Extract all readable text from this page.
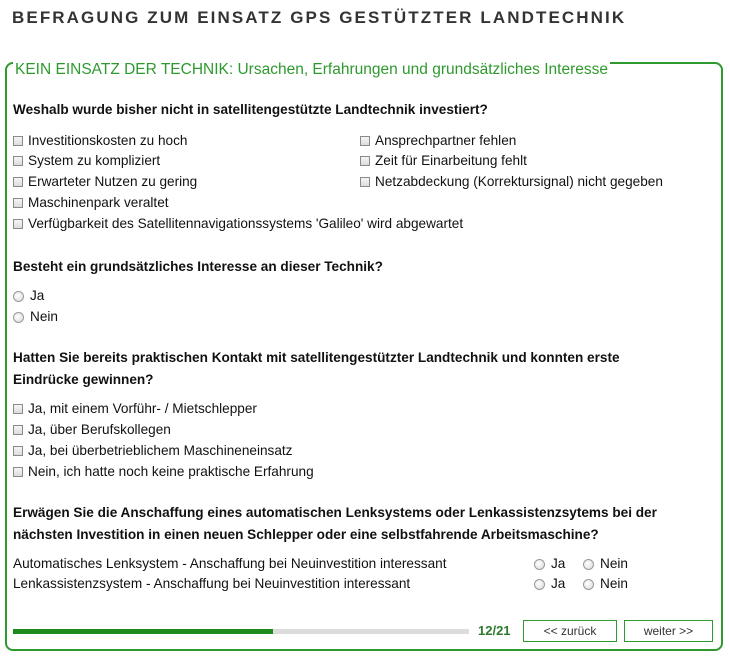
BEFRAGUNG ZUM EINSATZ GPS GESTÜTZTER LANDTECHNIK
KEIN EINSATZ DER TECHNIK: Ursachen, Erfahrungen und grundsätzliches Interesse
Weshalb wurde bisher nicht in satellitengestützte Landtechnik investiert?
Investitionskosten zu hoch
System zu kompliziert
Erwarteter Nutzen zu gering
Maschinenpark veraltet
Verfügbarkeit des Satellitennavigationssystems 'Galileo' wird abgewartet
Ansprechpartner fehlen
Zeit für Einarbeitung fehlt
Netzabdeckung (Korrektursignal) nicht gegeben
Besteht ein grundsätzliches Interesse an dieser Technik?
Ja
Nein
Hatten Sie bereits praktischen Kontakt mit satellitengestützter Landtechnik und konnten erste
Eindrücke gewinnen?
Ja, mit einem Vorführ- / Mietschlepper
Ja, über Berufskollegen
Ja, bei überbetrieblichem Maschineneinsatz
Nein, ich hatte noch keine praktische Erfahrung
Erwägen Sie die Anschaffung eines automatischen Lenksystems oder Lenkassistenzsytems bei der
nächsten Investition in einen neuen Schlepper oder eine selbstfahrende Arbeitsmaschine?
Automatisches Lenksystem - Anschaffung bei Neuinvestition interessant	Ja	Nein
Lenkassistenzsystem - Anschaffung bei Neuinvestition interessant	Ja	Nein
12/21	<< zurück	weiter >>
